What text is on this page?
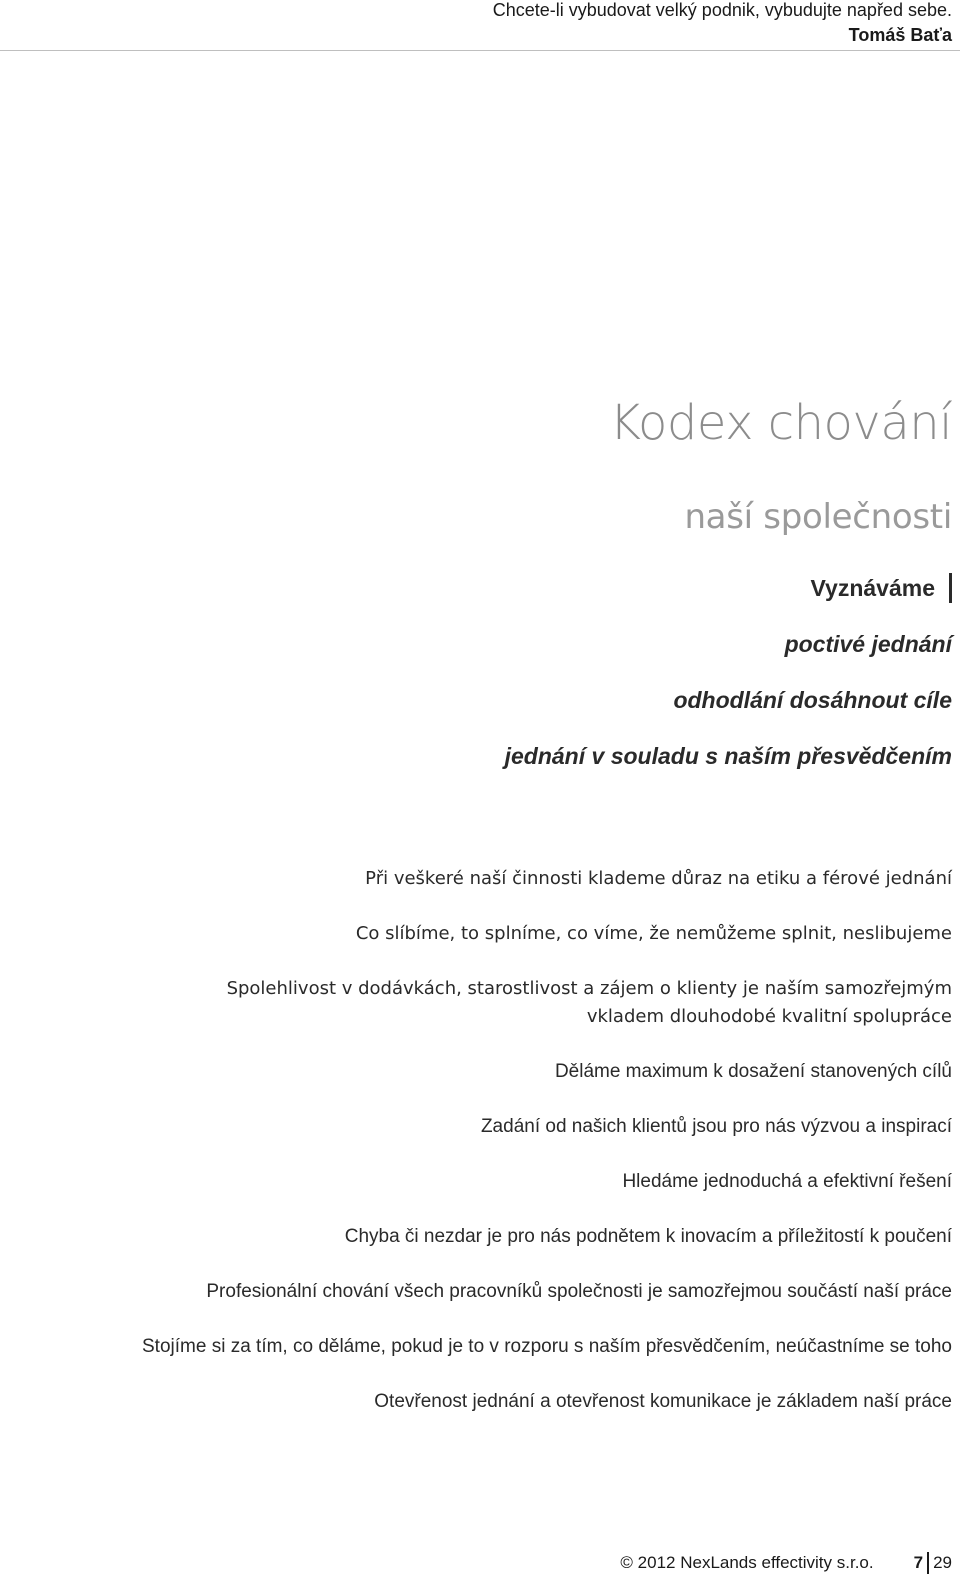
Chcete-li vybudovat velký podnik, vybudujte napřed sebe.
Tomáš Baťa
Kodex chování
naší společnosti
Vyznáváme
poctivé jednání
odhodlání dosáhnout cíle
jednání v souladu s naším přesvědčením

Při veškeré naší činnosti klademe důraz na etiku a férové jednání

Co slíbíme, to splníme, co víme, že nemůžeme splnit, neslibujeme

Spolehlivost v dodávkách, starostlivost a zájem o klienty je naším samozřejmým

vkladem dlouhodobé kvalitní spolupráce

Děláme maximum k dosažení stanovených cílů

Zadání od našich klientů jsou pro nás výzvou a inspirací

Hledáme jednoduchá a efektivní řešení

Chyba či nezdar je pro nás podnětem k inovacím a příležitostí k poučení

Profesionální chování všech pracovníků společnosti je samozřejmou součástí naší práce

Stojíme si za tím, co děláme, pokud je to v rozporu s naším přesvědčením, neúčastníme se toho

Otevřenost jednání a otevřenost komunikace je základem naší práce

© 2012 NexLands effectivity s.r.o. 7 29
